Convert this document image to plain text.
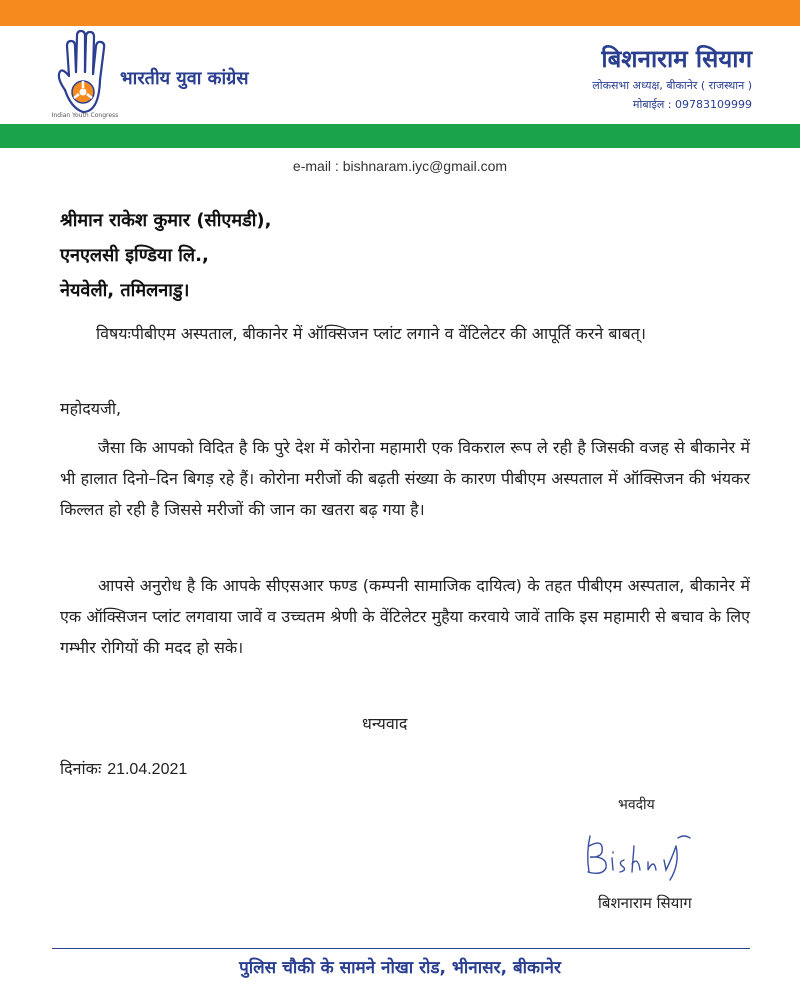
Indian Youth Congress
भारतीय युवा कांग्रेस
बिशनाराम सियाग
लोकसभा अध्यक्ष, बीकानेर ( राजस्थान )
मोबाईल : 09783109999
e-mail : bishnaram.iyc@gmail.com
श्रीमान राकेश कुमार (सीएमडी),
एनएलसी इण्डिया लि.,
नेयवेली, तमिलनाडु।
विषयःपीबीएम अस्पताल, बीकानेर में ऑक्सिजन प्लांट लगाने व वेंटिलेटर की आपूर्ति करने बाबत्।
महोदयजी,
जैसा कि आपको विदित है कि पुरे देश में कोरोना महामारी एक विकराल रूप ले रही है जिसकी वजह से बीकानेर में भी हालात दिनो–दिन बिगड़ रहे हैं। कोरोना मरीजों की बढ़ती संख्या के कारण पीबीएम अस्पताल में ऑक्सिजन की भंयकर किल्लत हो रही है जिससे मरीजों की जान का खतरा बढ़ गया है।
आपसे अनुरोध है कि आपके सीएसआर फण्ड (कम्पनी सामाजिक दायित्व) के तहत पीबीएम अस्पताल, बीकानेर में एक ऑक्सिजन प्लांट लगवाया जावें व उच्चतम श्रेणी के वेंटिलेटर मुहैया करवाये जावें ताकि इस महामारी से बचाव के लिए गम्भीर रोगियों की मदद हो सके।
धन्यवाद
दिनांकः 21.04.2021
भवदीय
बिशनाराम सियाग
पुलिस चौकी के सामने नोखा रोड, भीनासर, बीकानेर
